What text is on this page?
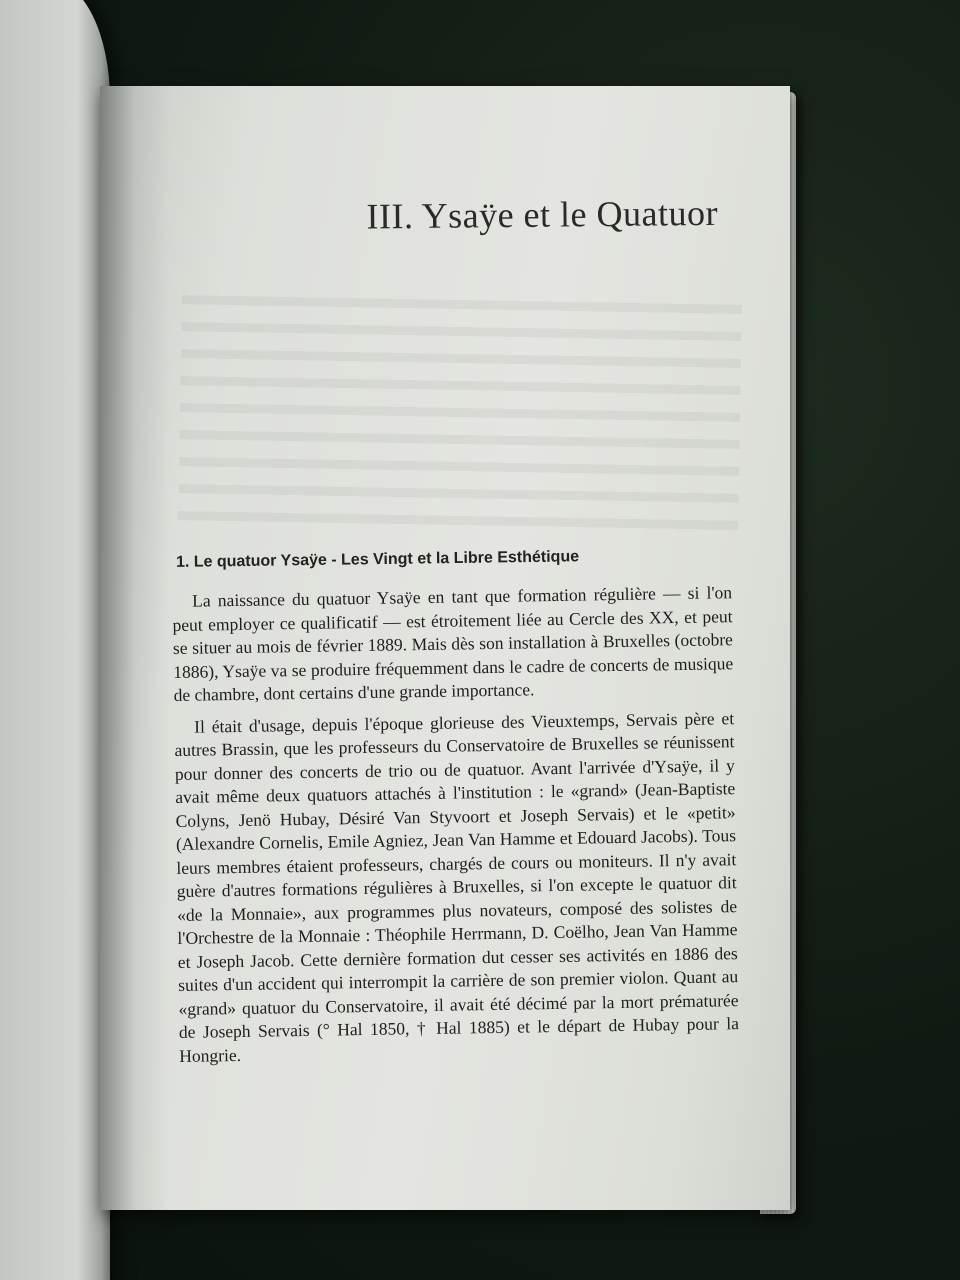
III. Ysaÿe et le Quatuor
1. Le quatuor Ysaÿe - Les Vingt et la Libre Esthétique

La naissance du quatuor Ysaÿe en tant que formation régulière — si l'on peut employer ce qualificatif — est étroitement liée au Cercle des XX, et peut se situer au mois de février 1889. Mais dès son installation à Bruxelles (octobre 1886), Ysaÿe va se produire fréquemment dans le cadre de concerts de musique de chambre, dont certains d'une grande importance.

Il était d'usage, depuis l'époque glorieuse des Vieuxtemps, Servais père et autres Brassin, que les professeurs du Conservatoire de Bruxelles se réunissent pour donner des concerts de trio ou de quatuor. Avant l'arrivée d'Ysaÿe, il y avait même deux quatuors attachés à l'institution : le «grand» (Jean-Baptiste Colyns, Jenö Hubay, Désiré Van Styvoort et Joseph Servais) et le «petit» (Alexandre Cornelis, Emile Agniez, Jean Van Hamme et Edouard Jacobs). Tous leurs membres étaient professeurs, chargés de cours ou moniteurs. Il n'y avait guère d'autres formations régulières à Bruxelles, si l'on excepte le quatuor dit «de la Monnaie», aux programmes plus novateurs, composé des solistes de l'Orchestre de la Monnaie : Théophile Herrmann, D. Coëlho, Jean Van Hamme et Joseph Jacob. Cette dernière formation dut cesser ses activités en 1886 des suites d'un accident qui interrompit la carrière de son premier violon. Quant au «grand» quatuor du Conservatoire, il avait été décimé par la mort prématurée de Joseph Servais (° Hal 1850, † Hal 1885) et le départ de Hubay pour la Hongrie.
